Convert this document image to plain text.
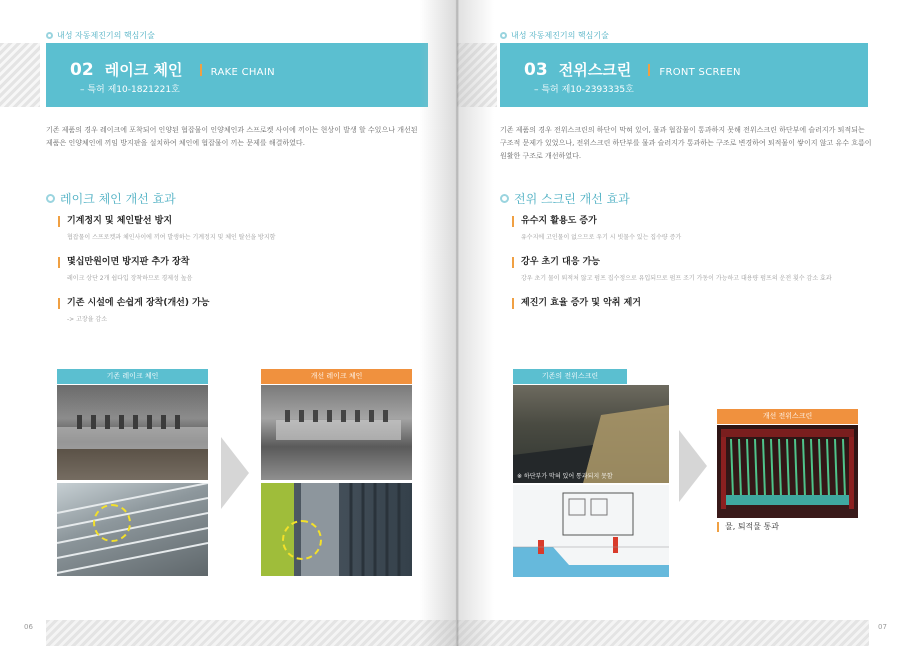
내성 자동제진기의 핵심기술
02 레이크 체인	RAKE CHAIN
– 특허 제10-1821221호
기존 제품의 경우 레이크에 포착되어 인양된 협잡물이 인양체인과 스프로켓 사이에 끼이는 현상이 발생 할 수있으나 개선된 제품은 인양체인에 끼임 방지판을 설치하여 체인에 협잡물이 끼는 문제를 해결하였다.
레이크 체인 개선 효과
기계정지 및 체인탈선 방지
협잡물이 스프로켓과 체인사이에 끼여 발생하는 기계정지 및 체인 탈선을 방지함
몇십만원이면 방지판 추가 장착
레이크 상단 2개 쉽다입 장착하므로 경제성 높음
기존 시설에 손쉽게 장착(개선) 가능
-> 고장율 감소
기존 레이크 체인	개선 레이크 체인
06
내성 자동제진기의 핵심기술
03 전위스크린	FRONT SCREEN
– 특허 제10-2393335호
기존 제품의 경우 전위스크린의 하단이 막혀 있어, 물과 협잡물이 통과하지 못해 전위스크린 하단부에 슬러지가 퇴적되는 구조적 문제가 있었으나, 전위스크린 하단부를 물과 슬러지가 통과하는 구조로 변경하여 퇴적물이 쌓이지 않고 유수 흐름이 원활한 구조로 개선하였다.
전위 스크린 개선 효과
유수지 활용도 증가
유수지에 고인물이 없으므로 우기 시 빗물수 있는 집수량 증가
강우 초기 대응 가능
강우 초기 물이 퇴적처 않고 펌프 집수정으로 유입되므로 펌프 조기 가동이 가능하고 대용량 펌프의 운전 횟수 감소 효과
제진기 효율 증가 및 악취 제거
기존의 전위스크린
※ 하단부가 막혀 있어 통과되지 못함
개선 전위스크린
물, 퇴적물 통과
07
